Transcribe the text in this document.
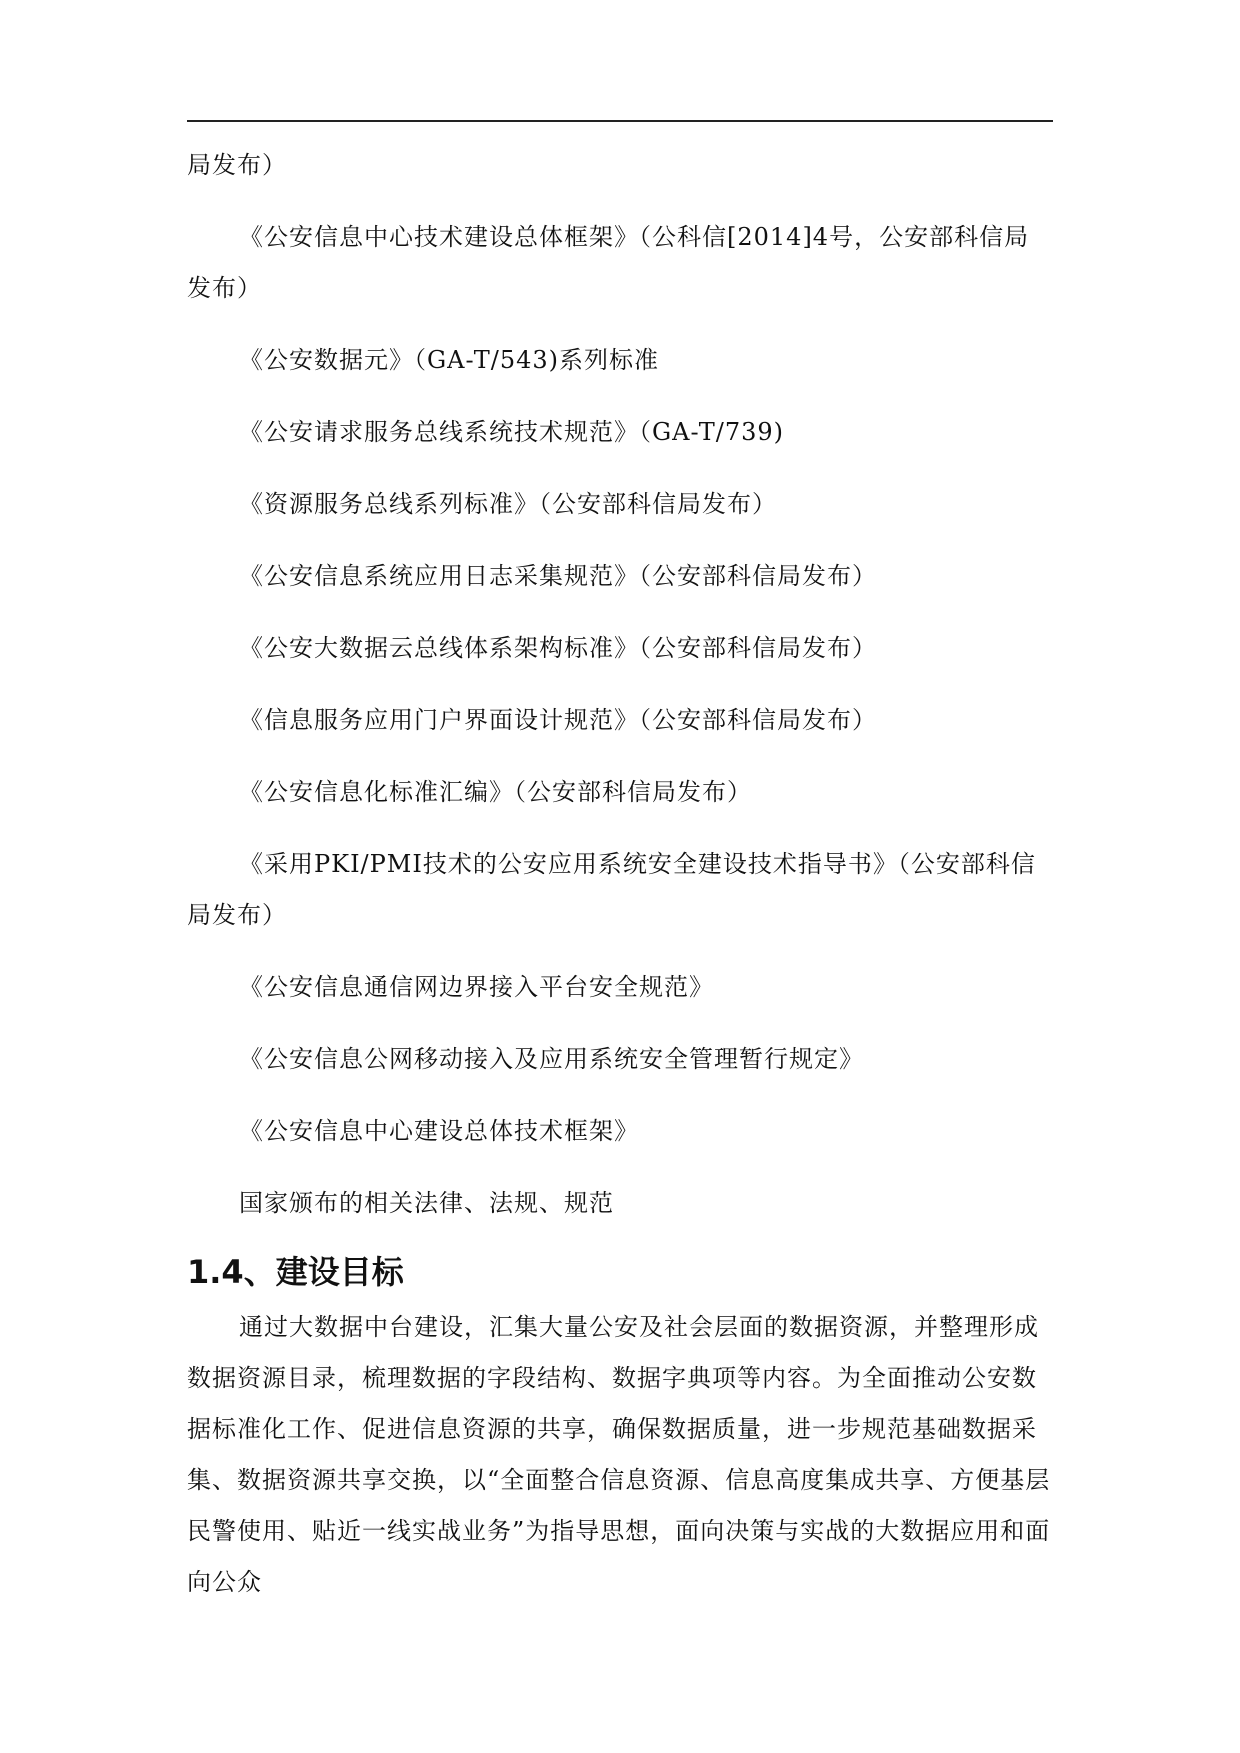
局发布）

《公安信息中心技术建设总体框架》（公科信[2014]4号，公安部科信局发布）

《公安数据元》（GA-T/543)系列标准

《公安请求服务总线系统技术规范》（GA-T/739)

《资源服务总线系列标准》（公安部科信局发布）

《公安信息系统应用日志采集规范》（公安部科信局发布）

《公安大数据云总线体系架构标准》（公安部科信局发布）

《信息服务应用门户界面设计规范》（公安部科信局发布）

《公安信息化标准汇编》（公安部科信局发布）

《采用PKI/PMI技术的公安应用系统安全建设技术指导书》（公安部科信局发布）

《公安信息通信网边界接入平台安全规范》

《公安信息公网移动接入及应用系统安全管理暂行规定》

《公安信息中心建设总体技术框架》

国家颁布的相关法律、法规、规范

1.4、建设目标

通过大数据中台建设，汇集大量公安及社会层面的数据资源，并整理形成数据资源目录，梳理数据的字段结构、数据字典项等内容。为全面推动公安数据标准化工作、促进信息资源的共享，确保数据质量，进一步规范基础数据采集、数据资源共享交换，以“全面整合信息资源、信息高度集成共享、方便基层民警使用、贴近一线实战业务”为指导思想，面向决策与实战的大数据应用和面向公众
